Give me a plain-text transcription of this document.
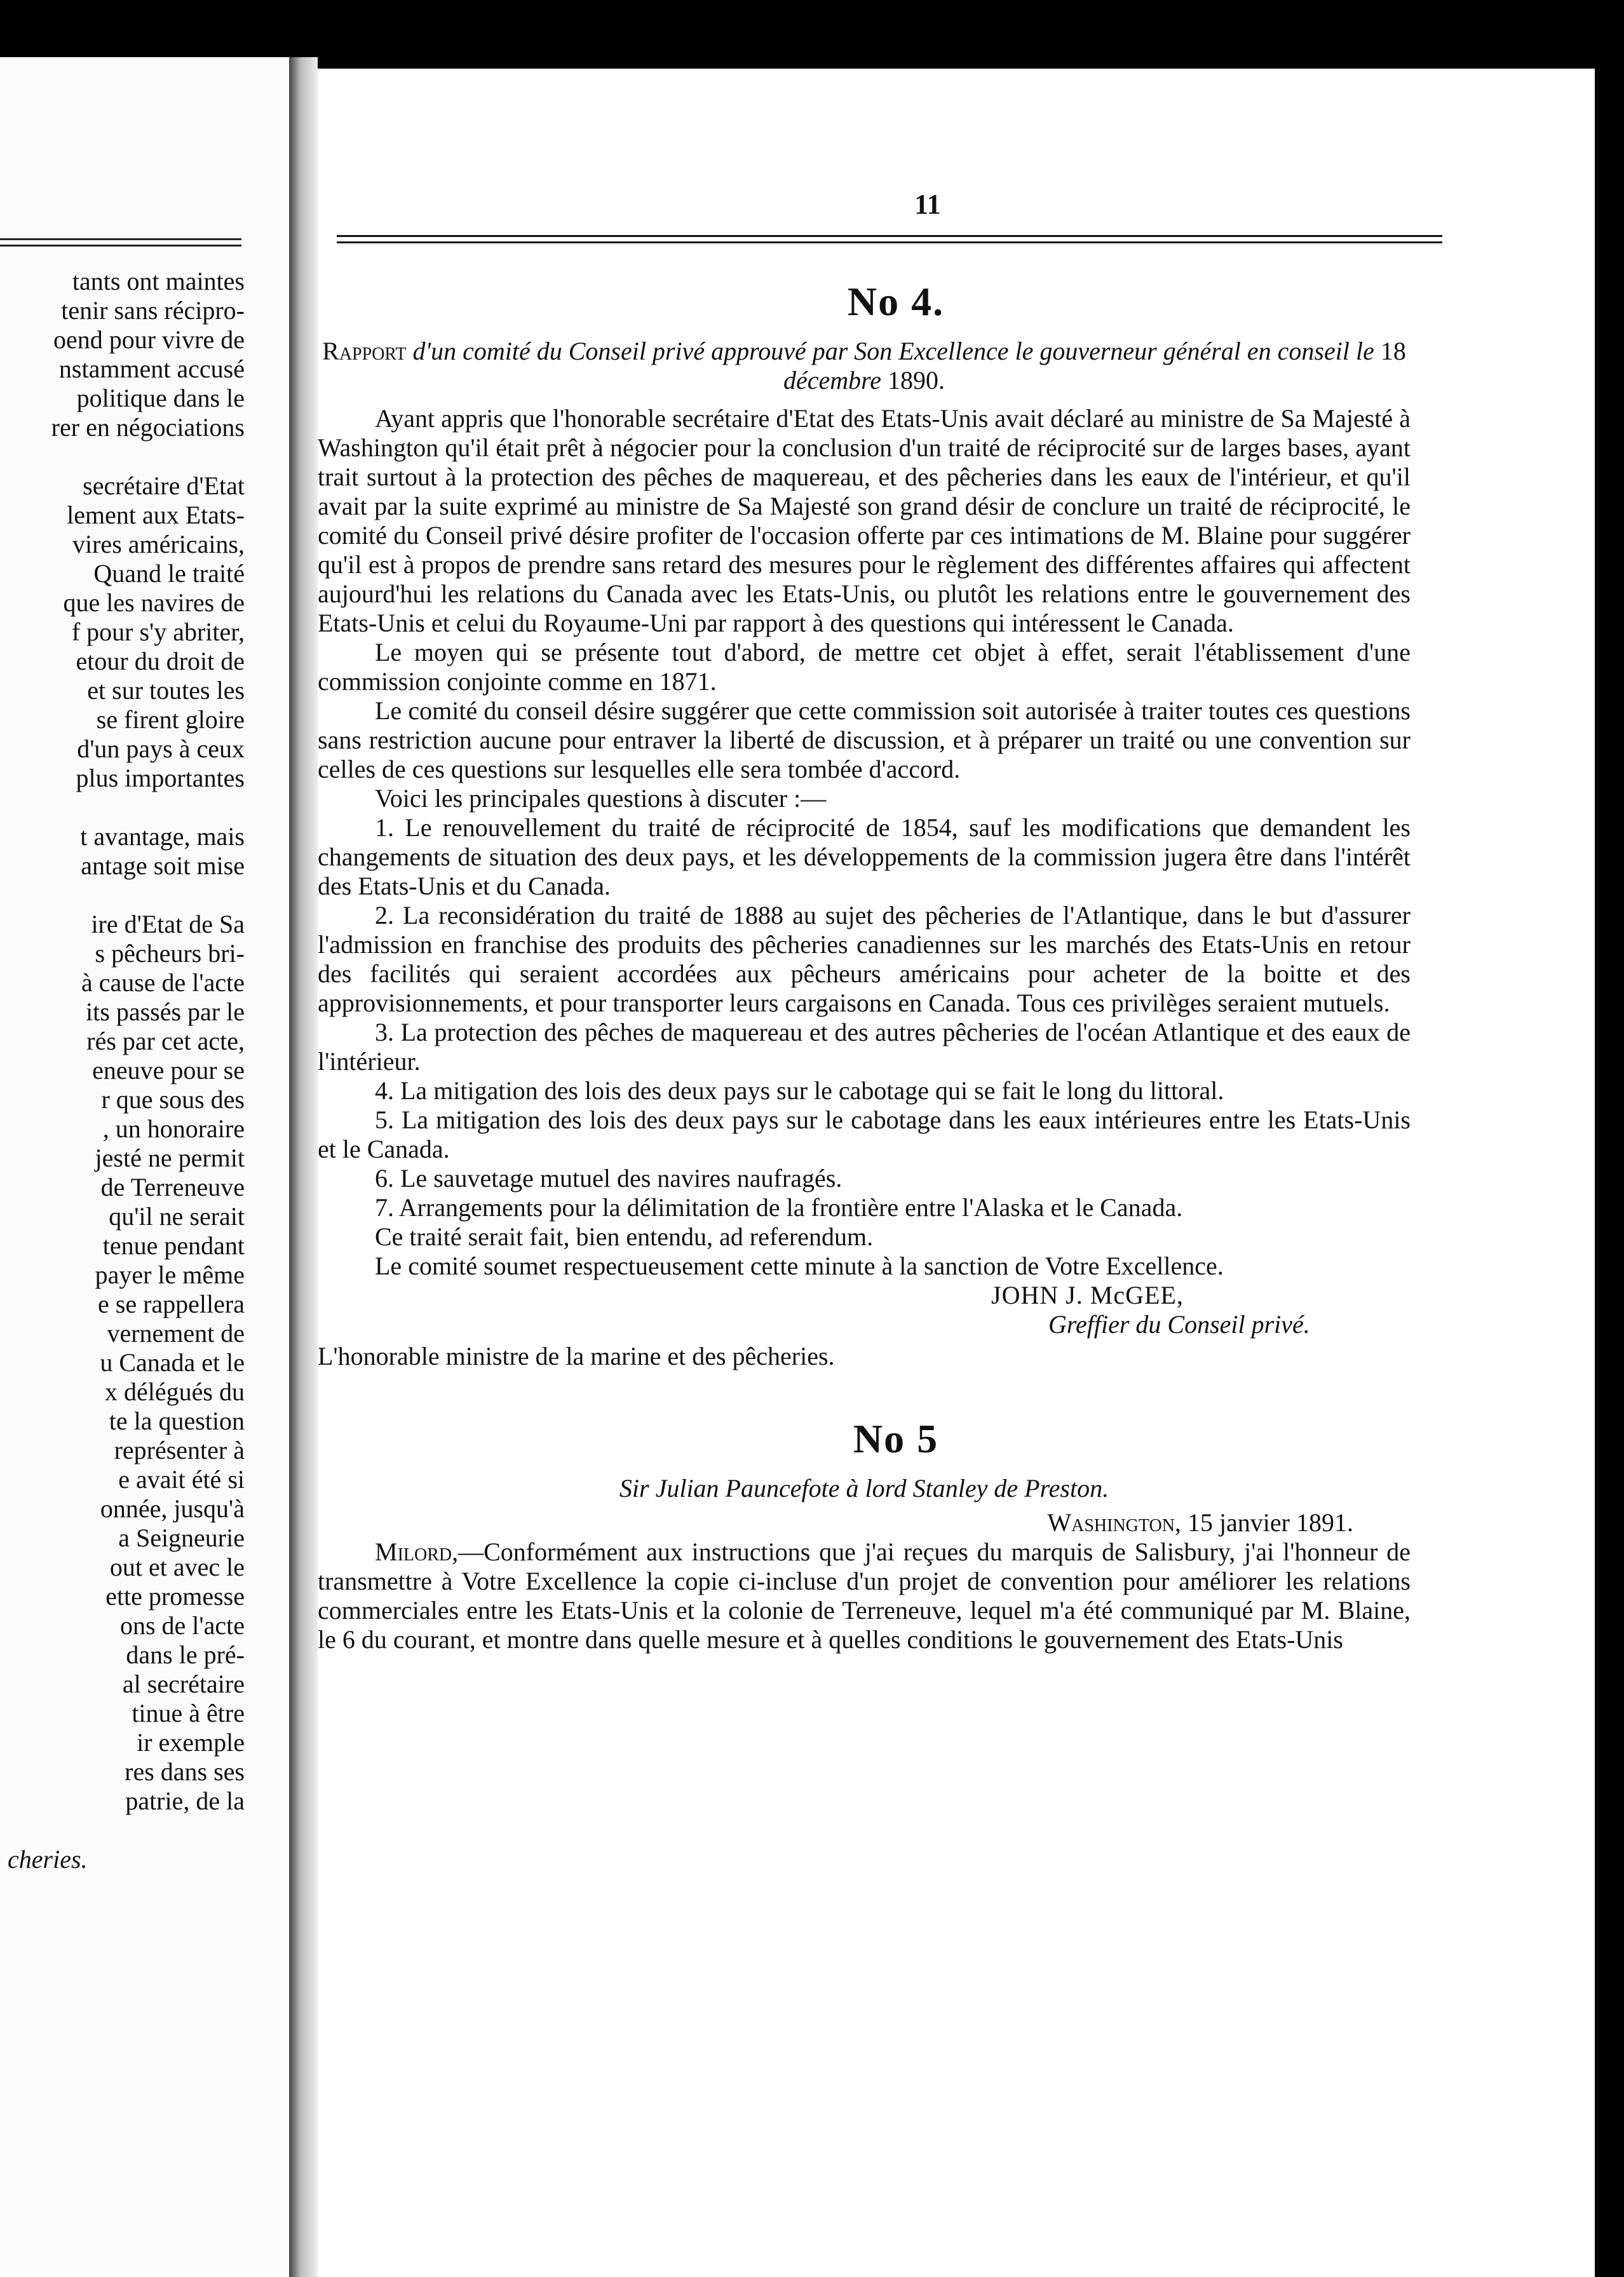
tants ont maintes
tenir sans récipro-
oend pour vivre de
nstamment accusé
politique dans le
rer en négociations
secrétaire d'Etat
lement aux Etats-
vires américains,
Quand le traité
que les navires de
f pour s'y abriter,
etour du droit de
et sur toutes les
se firent gloire
d'un pays à ceux
plus importantes
t avantage, mais
antage soit mise
ire d'Etat de Sa
s pêcheurs bri-
à cause de l'acte
its passés par le
rés par cet acte,
eneuve pour se
r que sous des
, un honoraire
jesté ne permit
de Terreneuve
qu'il ne serait
tenue pendant
payer le même
e se rappellera
vernement de
u Canada et le
x délégués du
te la question
représenter à
e avait été si
onnée, jusqu'à
a Seigneurie
out et avec le
ette promesse
ons de l'acte
dans le pré-
al secrétaire
tinue à être
ir exemple
res dans ses
patrie, de la
cheries.
11
No 4.

Rapport d'un comité du Conseil privé approuvé par Son Excellence le gouverneur général en conseil le 18 décembre 1890.

Ayant appris que l'honorable secrétaire d'Etat des Etats-Unis avait déclaré au ministre de Sa Majesté à Washington qu'il était prêt à négocier pour la conclusion d'un traité de réciprocité sur de larges bases, ayant trait surtout à la protection des pêches de maquereau, et des pêcheries dans les eaux de l'intérieur, et qu'il avait par la suite exprimé au ministre de Sa Majesté son grand désir de conclure un traité de réciprocité, le comité du Conseil privé désire profiter de l'occasion offerte par ces intimations de M. Blaine pour suggérer qu'il est à propos de prendre sans retard des mesures pour le règlement des différentes affaires qui affectent aujourd'hui les relations du Canada avec les Etats-Unis, ou plutôt les relations entre le gouvernement des Etats-Unis et celui du Royaume-Uni par rapport à des questions qui intéressent le Canada.

Le moyen qui se présente tout d'abord, de mettre cet objet à effet, serait l'établissement d'une commission conjointe comme en 1871.

Le comité du conseil désire suggérer que cette commission soit autorisée à traiter toutes ces questions sans restriction aucune pour entraver la liberté de discussion, et à préparer un traité ou une convention sur celles de ces questions sur lesquelles elle sera tombée d'accord.

Voici les principales questions à discuter :—

1. Le renouvellement du traité de réciprocité de 1854, sauf les modifications que demandent les changements de situation des deux pays, et les développements de la commission jugera être dans l'intérêt des Etats-Unis et du Canada.

2. La reconsidération du traité de 1888 au sujet des pêcheries de l'Atlantique, dans le but d'assurer l'admission en franchise des produits des pêcheries canadiennes sur les marchés des Etats-Unis en retour des facilités qui seraient accordées aux pêcheurs américains pour acheter de la boitte et des approvisionnements, et pour transporter leurs cargaisons en Canada. Tous ces privilèges seraient mutuels.

3. La protection des pêches de maquereau et des autres pêcheries de l'océan Atlantique et des eaux de l'intérieur.

4. La mitigation des lois des deux pays sur le cabotage qui se fait le long du littoral.

5. La mitigation des lois des deux pays sur le cabotage dans les eaux intérieures entre les Etats-Unis et le Canada.

6. Le sauvetage mutuel des navires naufragés.

7. Arrangements pour la délimitation de la frontière entre l'Alaska et le Canada.

Ce traité serait fait, bien entendu, ad referendum.

Le comité soumet respectueusement cette minute à la sanction de Votre Excellence.

JOHN J. McGEE,

Greffier du Conseil privé.

L'honorable ministre de la marine et des pêcheries.

No 5

Sir Julian Pauncefote à lord Stanley de Preston.

Washington, 15 janvier 1891.

Milord,—Conformément aux instructions que j'ai reçues du marquis de Salisbury, j'ai l'honneur de transmettre à Votre Excellence la copie ci-incluse d'un projet de convention pour améliorer les relations commerciales entre les Etats-Unis et la colonie de Terreneuve, lequel m'a été communiqué par M. Blaine, le 6 du courant, et montre dans quelle mesure et à quelles conditions le gouvernement des Etats-Unis
